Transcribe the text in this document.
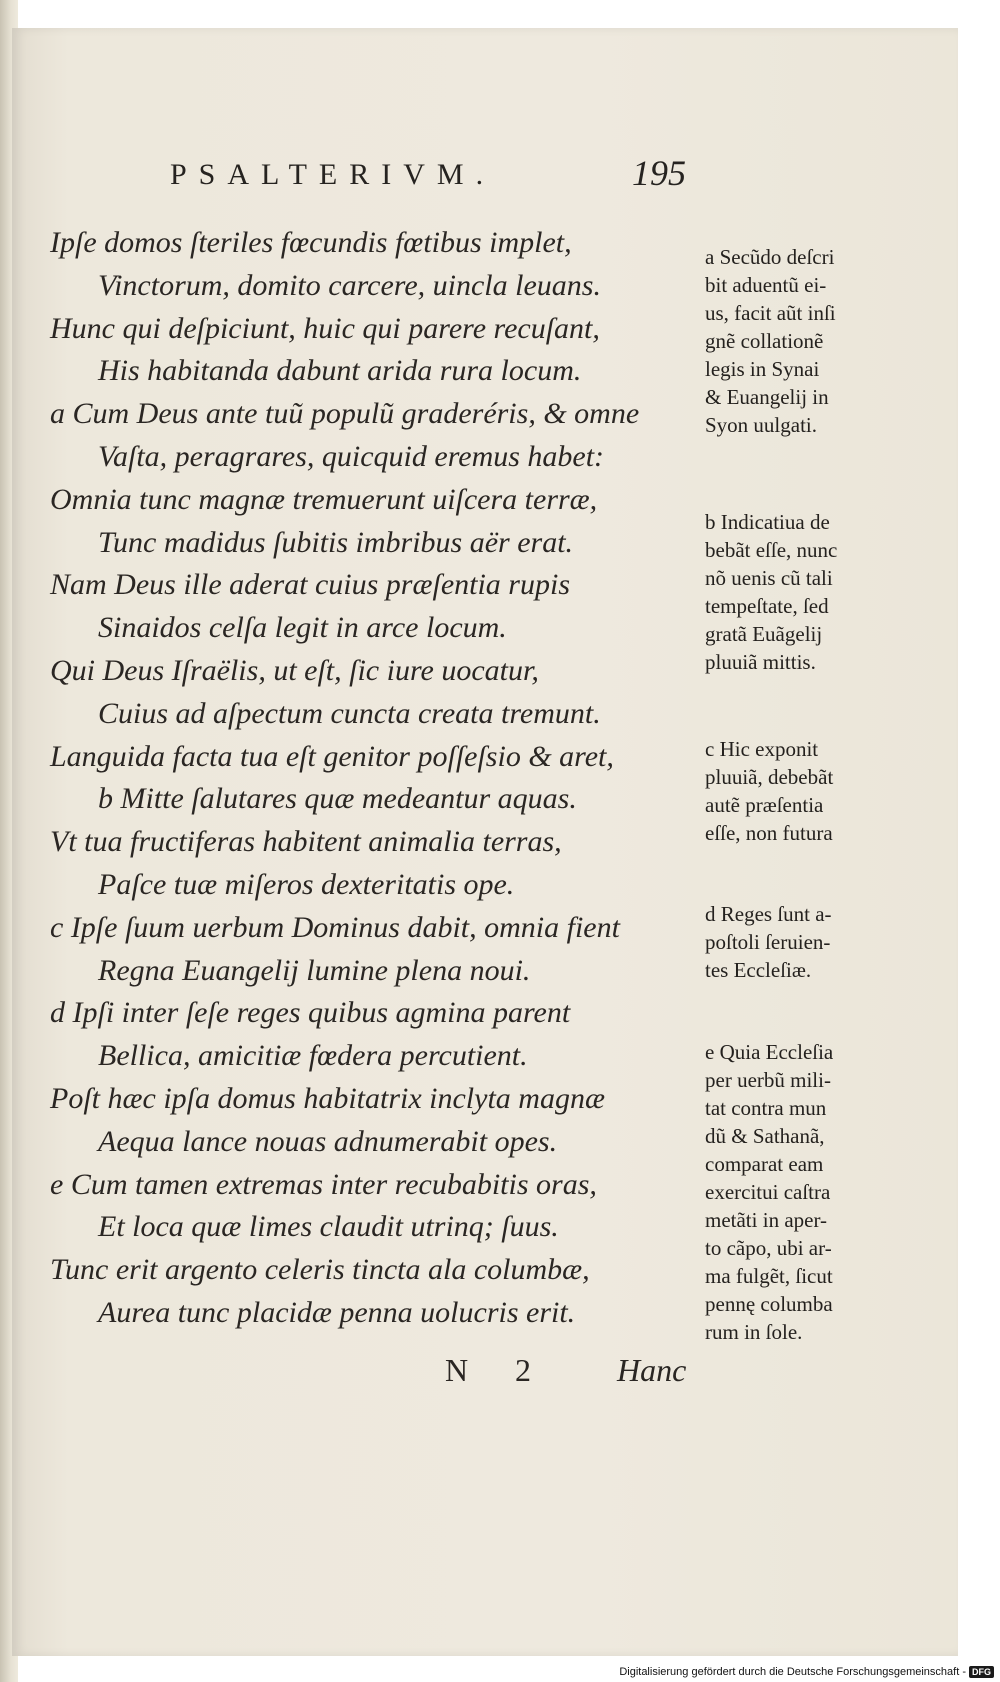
PSALTERIVM.	195
Ipſe domos ſteriles fœcundis fœtibus implet,
Vinctorum, domito carcere, uincla leuans.
Hunc qui deſpiciunt, huic qui parere recuſant,
His habitanda dabunt arida rura locum.
a Cum Deus ante tuũ populũ graderéris, & omne
Vaſta, peragrares, quicquid eremus habet:
Omnia tunc magnæ tremuerunt uiſcera terræ,
Tunc madidus ſubitis imbribus aër erat.
Nam Deus ille aderat cuius præſentia rupis
Sinaidos celſa legit in arce locum.
Qui Deus Iſraëlis, ut eſt, ſic iure uocatur,
Cuius ad aſpectum cuncta creata tremunt.
Languida facta tua eſt genitor poſſeſsio & aret,
b Mitte ſalutares quæ medeantur aquas.
Vt tua fructiferas habitent animalia terras,
Paſce tuæ miſeros dexteritatis ope.
c Ipſe ſuum uerbum Dominus dabit, omnia fient
Regna Euangelij lumine plena noui.
d Ipſi inter ſeſe reges quibus agmina parent
Bellica, amicitiæ fœdera percutient.
Poſt hæc ipſa domus habitatrix inclyta magnæ
Aequa lance nouas adnumerabit opes.
e Cum tamen extremas inter recubabitis oras,
Et loca quæ limes claudit utrinq; ſuus.
Tunc erit argento celeris tincta ala columbæ,
Aurea tunc placidæ penna uolucris erit.
a Secũdo deſcri
bit aduentũ ei-
us, facit aũt inſi
gnẽ collationẽ
legis in Synai
& Euangelij in
Syon uulgati.
b Indicatiua de
bebãt eſſe, nunc
nõ uenis cũ tali
tempeſtate, ſed
gratã Euãgelij
pluuiã mittis.
c Hic exponit
pluuiã, debebãt
autẽ præſentia
eſſe, non futura
d Reges ſunt a-
poſtoli ſeruien-
tes Eccleſiæ.
e Quia Eccleſia
per uerbũ mili-
tat contra mun
dũ & Sathanã,
comparat eam
exercitui caſtra
metãti in aper-
to cãpo, ubi ar-
ma fulgẽt, ſicut
pennę columba
rum in ſole.
N 2	Hanc
Digitalisierung gefördert durch die Deutsche Forschungsgemeinschaft - DFG
